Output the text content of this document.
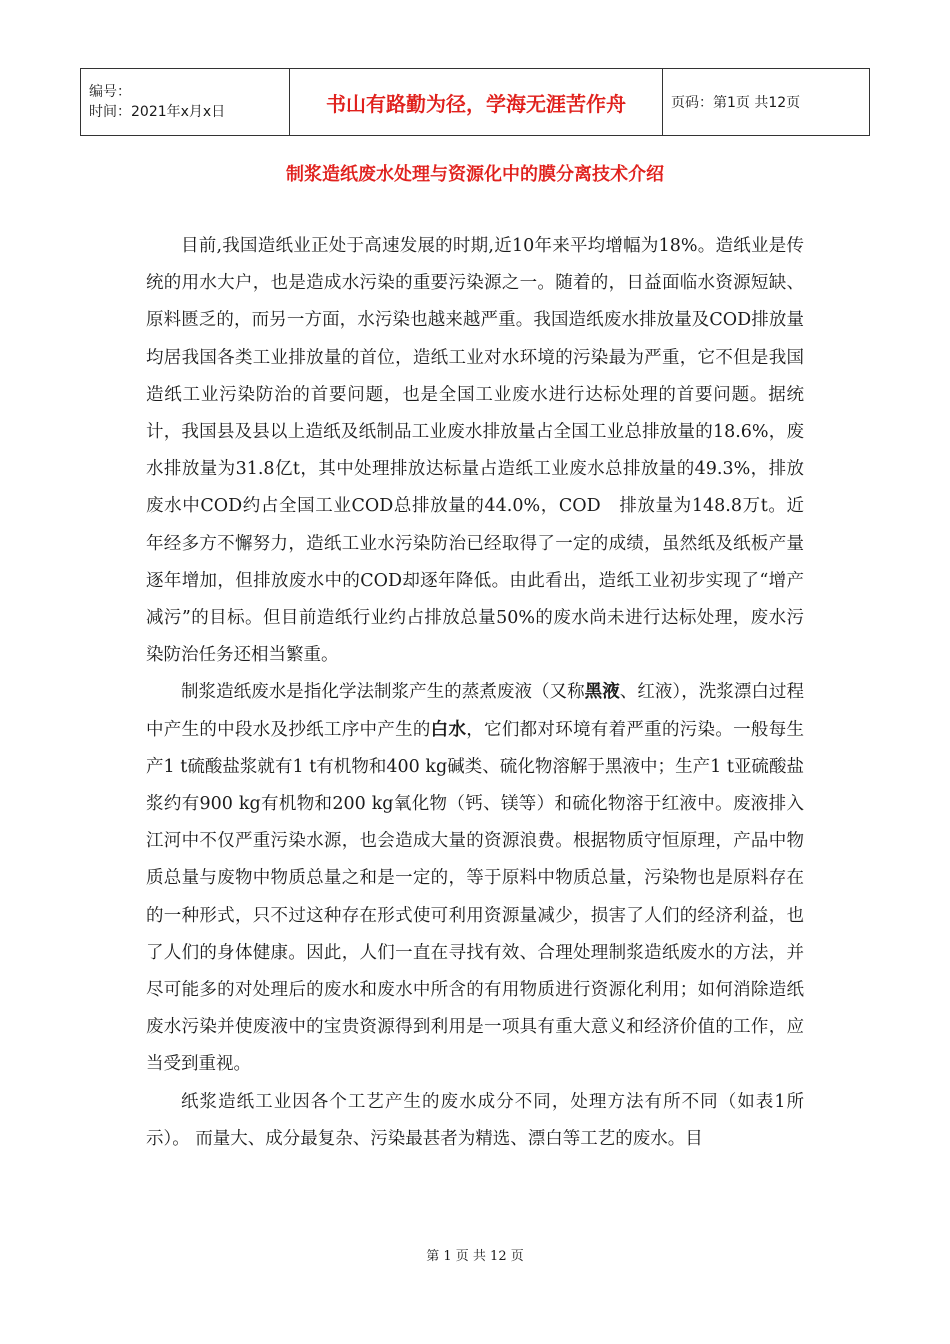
编号：
时间：2021年x月x日	书山有路勤为径，学海无涯苦作舟	页码：第1页 共12页
制浆造纸废水处理与资源化中的膜分离技术介绍

目前,我国造纸业正处于高速发展的时期,近10年来平均增幅为18%。造纸业是传统的用水大户，也是造成水污染的重要污染源之一。随着的，日益面临水资源短缺、原料匮乏的，而另一方面，水污染也越来越严重。我国造纸废水排放量及COD排放量均居我国各类工业排放量的首位，造纸工业对水环境的污染最为严重，它不但是我国造纸工业污染防治的首要问题，也是全国工业废水进行达标处理的首要问题。据统计，我国县及县以上造纸及纸制品工业废水排放量占全国工业总排放量的18.6%，废水排放量为31.8亿t，其中处理排放达标量占造纸工业废水总排放量的49.3%，排放废水中COD约占全国工业COD总排放量的44.0%，COD　排放量为148.8万t。近年经多方不懈努力，造纸工业水污染防治已经取得了一定的成绩，虽然纸及纸板产量逐年增加，但排放废水中的COD却逐年降低。由此看出，造纸工业初步实现了“增产减污”的目标。但目前造纸行业约占排放总量50%的废水尚未进行达标处理，废水污染防治任务还相当繁重。

制浆造纸废水是指化学法制浆产生的蒸煮废液（又称黑液、红液），洗浆漂白过程中产生的中段水及抄纸工序中产生的白水，它们都对环境有着严重的污染。一般每生产1 t硫酸盐浆就有1 t有机物和400 kg碱类、硫化物溶解于黑液中；生产1 t亚硫酸盐浆约有900 kg有机物和200 kg氧化物（钙、镁等）和硫化物溶于红液中。废液排入江河中不仅严重污染水源，也会造成大量的资源浪费。根据物质守恒原理，产品中物质总量与废物中物质总量之和是一定的，等于原料中物质总量，污染物也是原料存在的一种形式，只不过这种存在形式使可利用资源量减少，损害了人们的经济利益，也了人们的身体健康。因此，人们一直在寻找有效、合理处理制浆造纸废水的方法，并尽可能多的对处理后的废水和废水中所含的有用物质进行资源化利用；如何消除造纸废水污染并使废液中的宝贵资源得到利用是一项具有重大意义和经济价值的工作，应当受到重视。

纸浆造纸工业因各个工艺产生的废水成分不同，处理方法有所不同（如表1所示）。 而量大、成分最复杂、污染最甚者为精选、漂白等工艺的废水。目

第 1 页 共 12 页
